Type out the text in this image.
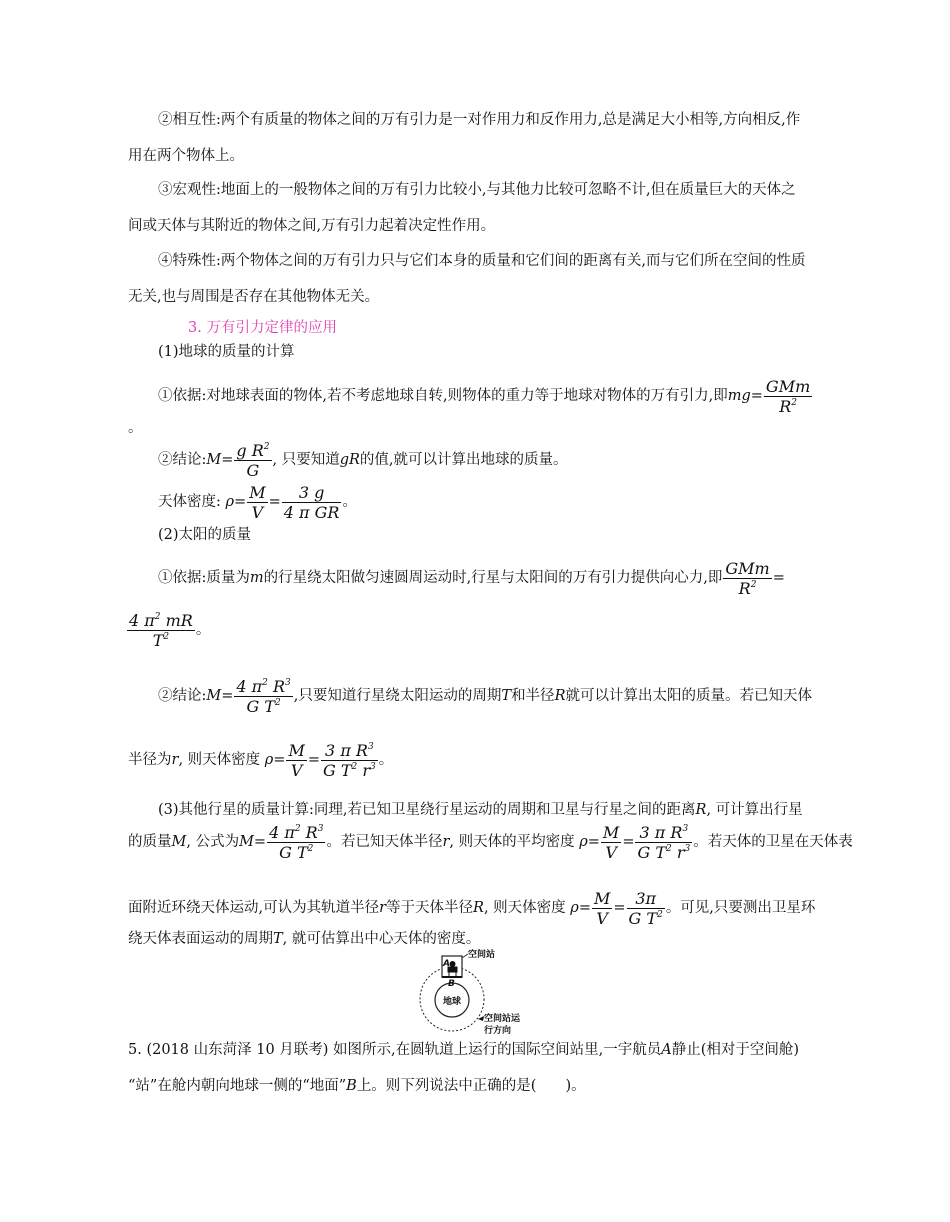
②相互性:两个有质量的物体之间的万有引力是一对作用力和反作用力,总是满足大小相等,方向相反,作
用在两个物体上。
③宏观性:地面上的一般物体之间的万有引力比较小,与其他力比较可忽略不计,但在质量巨大的天体之
间或天体与其附近的物体之间,万有引力起着决定性作用。
④特殊性:两个物体之间的万有引力只与它们本身的质量和它们间的距离有关,而与它们所在空间的性质
无关,也与周围是否存在其他物体无关。
3. 万有引力定律的应用
(1)地球的质量的计算
①依据:对地球表面的物体,若不考虑地球自转,则物体的重力等于地球对物体的万有引力,即$mg= \frac{\text{GMm}}{R^2}$
。
②结论:M= $\frac{g R^2}{G}$ , 只要知道gR的值,就可以计算出地球的质量。
天体密度: $\rho= \frac{M}{V} = \frac{3 g}{\text{4 π GR}}$ 。
(2)太阳的质量
①依据:质量为m的行星绕太阳做匀速圆周运动时,行星与太阳间的万有引力提供向心力,即 $\frac{\text{GMm}}{R^2}$ =
$\frac{4 \pi^2 mR}{T^2}$ 。
②结论:M= $\frac{4 \pi^2 R^3}{G T^2}$ ,只要知道行星绕太阳运动的周期T和半径R就可以计算出太阳的质量。若已知天体
半径为r, 则天体密度 $\rho= \frac{M}{V} = \frac{3 \pi R^3}{G T^2 r^3}$ 。
(3)其他行星的质量计算:同理,若已知卫星绕行星运动的周期和卫星与行星之间的距离R, 可计算出行星
的质量M, 公式为$M= \frac{4 \pi^2 R^3}{G T^2}$ 。若已知天体半径r, 则天体的平均密度 $\rho= \frac{M}{V} = \frac{3 \pi R^3}{G T^2 r^3}$ 。若天体的卫星在天体表
面附近环绕天体运动,可认为其轨道半径r等于天体半径R, 则天体密度 $\rho= \frac{M}{V} = \frac{3\pi}{G T^2}$ 。可见,只要测出卫星环
绕天体表面运动的周期T, 就可估算出中心天体的密度。
地球
A
B
空间站
空间站运
行方向
5. (2018 山东菏泽 10 月联考) 如图所示,在圆轨道上运行的国际空间站里,一宇航员A静止(相对于空间舱)
“站”在舱内朝向地球一侧的“地面”B上。则下列说法中正确的是(　　)。
